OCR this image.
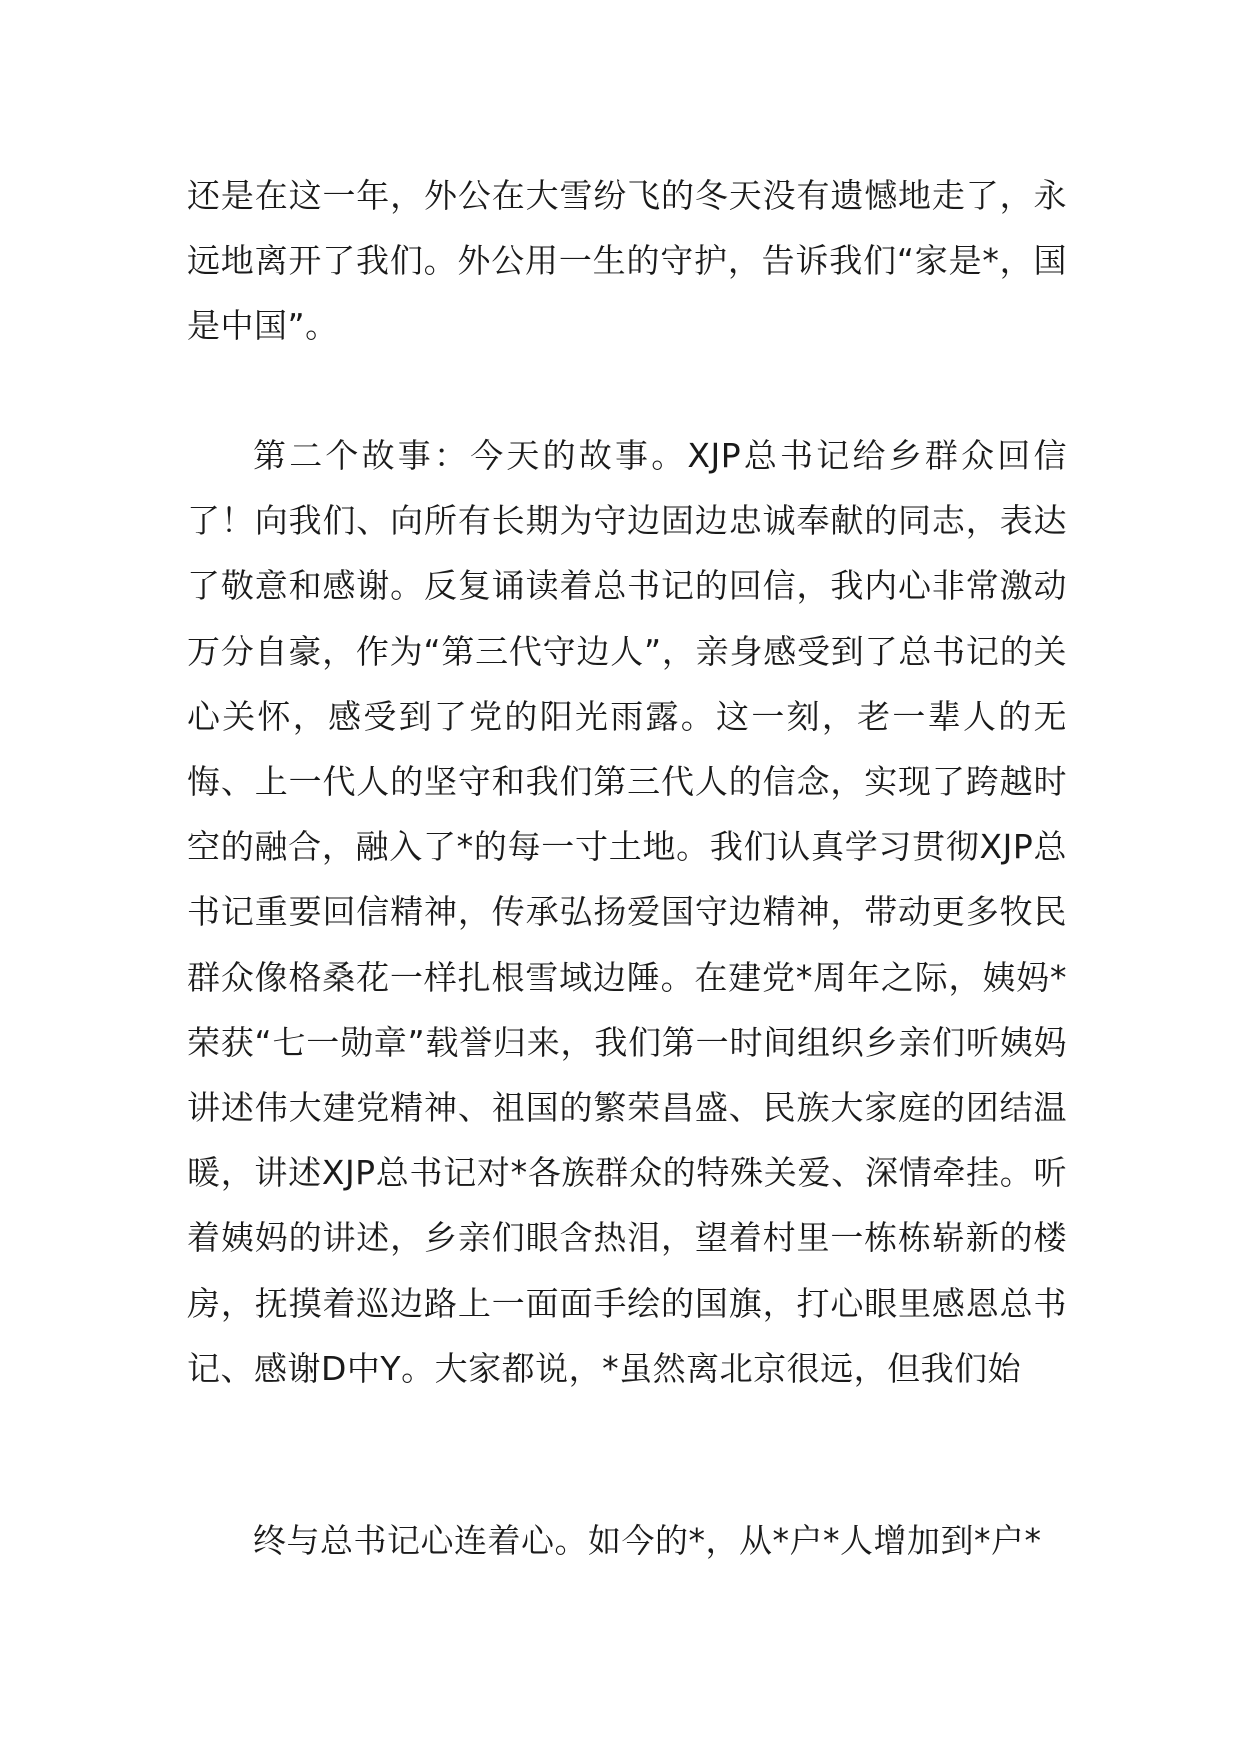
还是在这一年，外公在大雪纷飞的冬天没有遗憾地走了，永远地离开了我们。外公用一生的守护，告诉我们“家是*，国是中国”。

第二个故事：今天的故事。XJP总书记给乡群众回信了！向我们、向所有长期为守边固边忠诚奉献的同志，表达了敬意和感谢。反复诵读着总书记的回信，我内心非常激动万分自豪，作为“第三代守边人”，亲身感受到了总书记的关心关怀，感受到了党的阳光雨露。这一刻，老一辈人的无悔、上一代人的坚守和我们第三代人的信念，实现了跨越时空的融合，融入了*的每一寸土地。我们认真学习贯彻XJP总书记重要回信精神，传承弘扬爱国守边精神，带动更多牧民群众像格桑花一样扎根雪域边陲。在建党*周年之际，姨妈*荣获“七一勋章”载誉归来，我们第一时间组织乡亲们听姨妈讲述伟大建党精神、祖国的繁荣昌盛、民族大家庭的团结温暖，讲述XJP总书记对*各族群众的特殊关爱、深情牵挂。听着姨妈的讲述，乡亲们眼含热泪，望着村里一栋栋崭新的楼房，抚摸着巡边路上一面面手绘的国旗，打心眼里感恩总书记、感谢D中Y。大家都说，*虽然离北京很远，但我们始

终与总书记心连着心。如今的*，从*户*人增加到*户*
